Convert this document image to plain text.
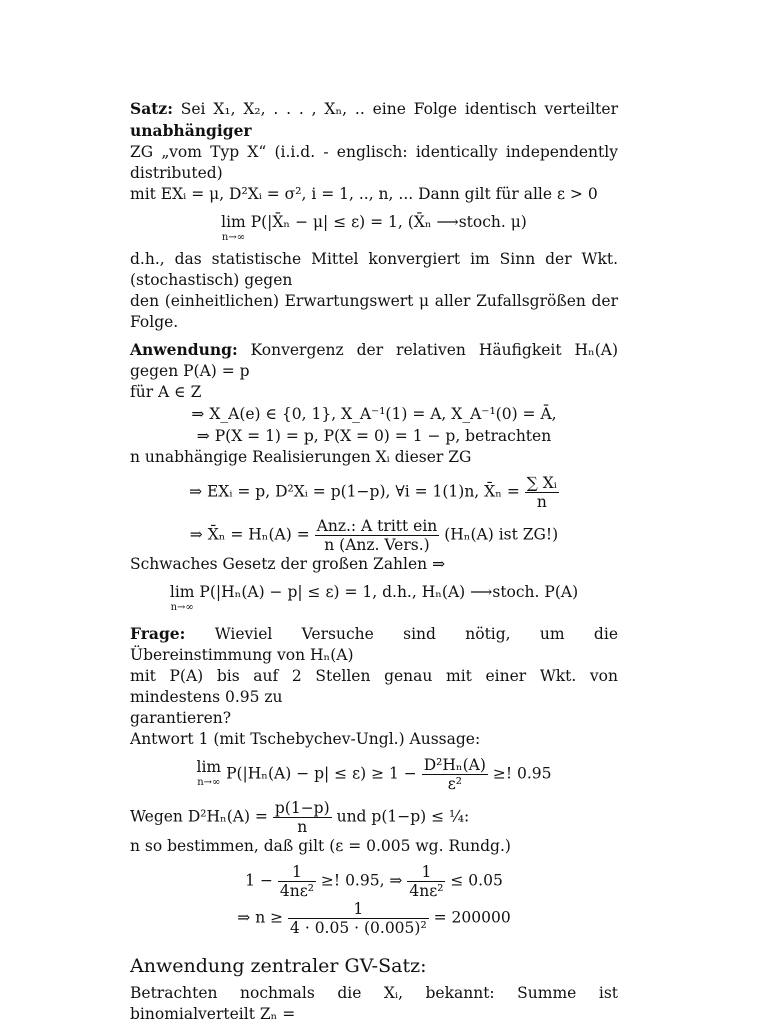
Satz: Sei X₁, X₂, . . . , Xₙ, .. eine Folge identisch verteilter unabhängiger
ZG „vom Typ X“ (i.i.d. - englisch: identically independently distributed)
mit EXᵢ = μ, D²Xᵢ = σ², i = 1, .., n, ... Dann gilt für alle ε > 0

lim
n→∞
P(|X̄ₙ − μ| ≤ ε) = 1, (X̄ₙ ⟶stoch. μ)

d.h., das statistische Mittel konvergiert im Sinn der Wkt. (stochastisch) gegen
den (einheitlichen) Erwartungswert μ aller Zufallsgrößen der Folge.

Anwendung: Konvergenz der relativen Häufigkeit Hₙ(A) gegen P(A) = p
für A ∈ Z

⇒ X_A(e) ∈ {0, 1}, X_A⁻¹(1) = A, X_A⁻¹(0) = Ā,

⇒ P(X = 1) = p, P(X = 0) = 1 − p, betrachten

n unabhängige Realisierungen Xᵢ dieser ZG

⇒ EXᵢ = p, D²Xᵢ = p(1−p), ∀i = 1(1)n, X̄ₙ = $\frac{\text{∑ Xᵢ}}{n}$

⇒ X̄ₙ = $H_n(A) = \frac{\text{Anz.: A tritt ein}}{\text{n (Anz. Vers.)}} (H_n(A)$ ist ZG!)

Schwaches Gesetz der großen Zahlen ⇒

lim
n→∞
P(|Hₙ(A) − p| ≤ ε) = 1, d.h., Hₙ(A) ⟶stoch. P(A)

Frage: Wieviel Versuche sind nötig, um die Übereinstimmung von Hₙ(A)
mit P(A) bis auf 2 Stellen genau mit einer Wkt. von mindestens 0.95 zu
garantieren?
Antwort 1 (mit Tschebychev-Ungl.) Aussage:

lim
n→∞ $P(|H_n(A) - p| \le \varepsilon) \ge 1 - \frac{\text{D²Hₙ(A)}}{\text{ε²}}$ ≥! 0.95

Wegen $D^2H_n(A) = \frac{p(1-p)}{n}$ und p(1−p) ≤ ¼:

n so bestimmen, daß gilt (ε = 0.005 wg. Rundg.)

$1 - \frac{1}{\text{4nε²}}$ ≥! 0.95, ⇒ $\frac{1}{\text{4nε²}} \le 0.05$

⇒ $n \ge \frac{1}{\text{4 · 0.05 · (0.005)²}} = 200000$

Anwendung zentraler GV-Satz:

Betrachten nochmals die Xᵢ, bekannt: Summe ist binomialverteilt Zₙ =
